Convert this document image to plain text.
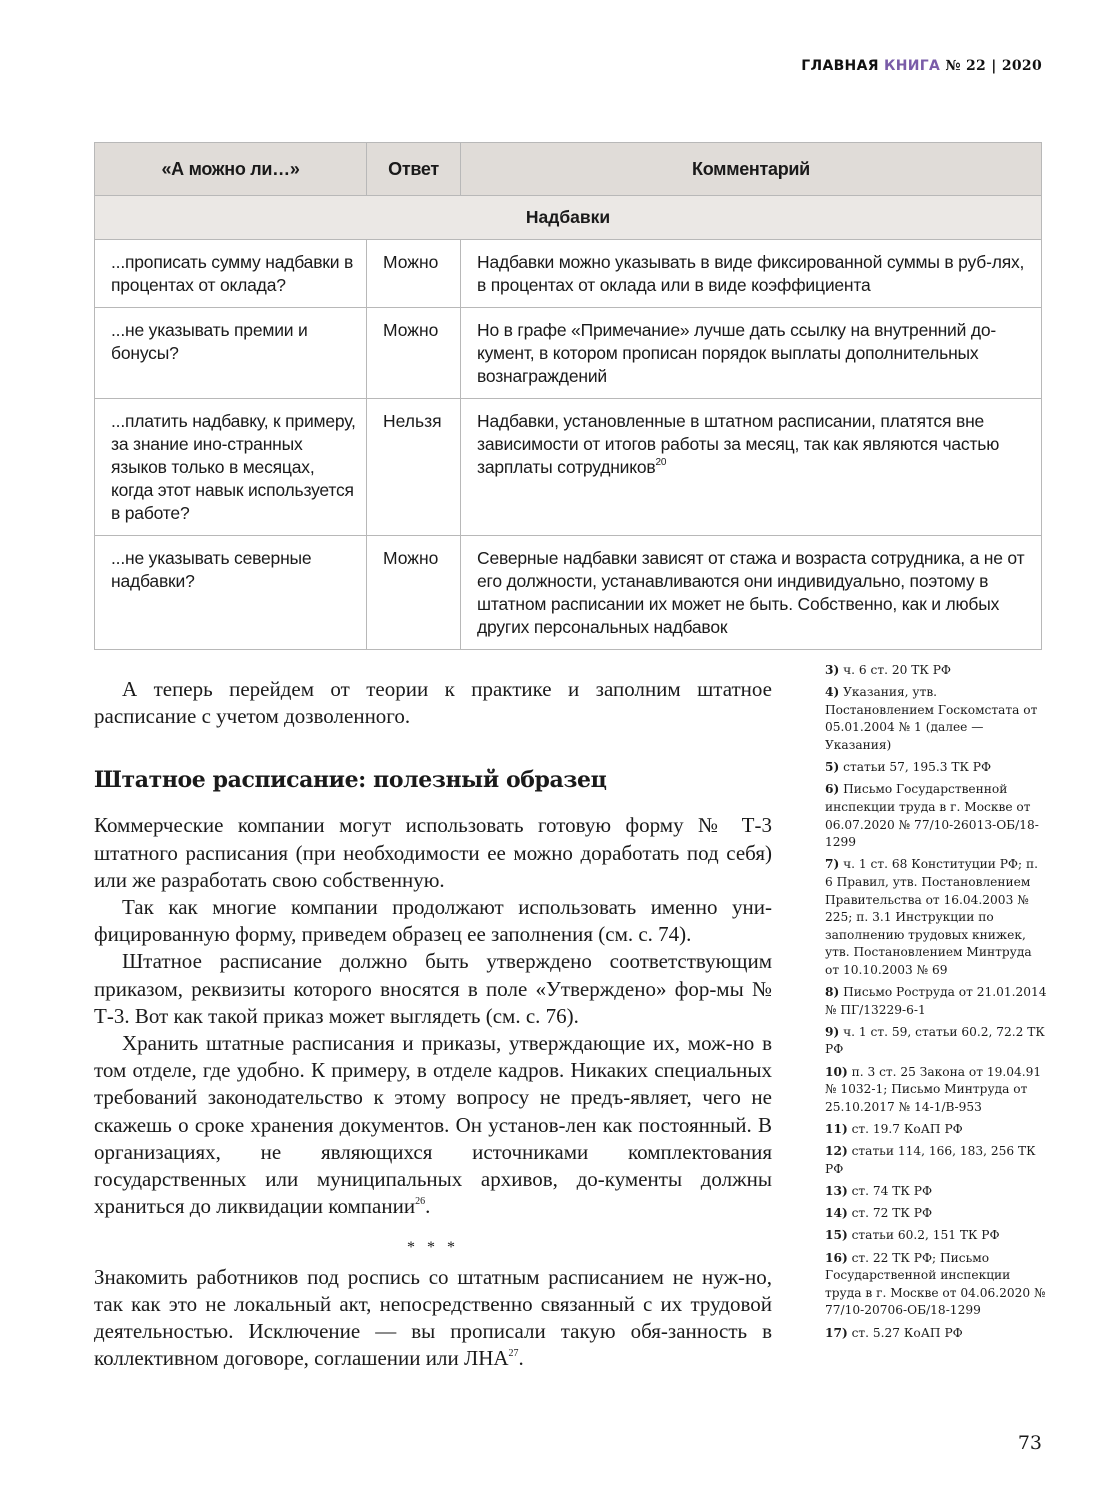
ГЛАВНАЯ КНИГА № 22 | 2020
«А можно ли…»	Ответ	Комментарий
Надбавки		
...прописать сумму надбавки в процентах от оклада?	Можно	Надбавки можно указывать в виде фиксированной суммы в руб-лях, в процентах от оклада или в виде коэффициента
...не указывать премии и бонусы?	Можно	Но в графе «Примечание» лучше дать ссылку на внутренний до-кумент, в котором прописан порядок выплаты дополнительных вознаграждений
...платить надбавку, к примеру, за знание ино-странных языков только в месяцах, когда этот навык используется в работе?	Нельзя	Надбавки, установленные в штатном расписании, платятся вне зависимости от итогов работы за месяц, так как являются частью зарплаты сотрудников$^{20}$
...не указывать северные надбавки?	Можно	Северные надбавки зависят от стажа и возраста сотрудника, а не от его должности, устанавливаются они индивидуально, поэтому в штатном расписании их может не быть. Собственно, как и любых других персональных надбавок

А теперь перейдем от теории к практике и заполним штатное расписание с учетом дозволенного.

Штатное расписание: полезный образец

Коммерческие компании могут использовать готовую форму № Т-3 штатного расписания (при необходимости ее можно доработать под себя) или же разработать свою собственную.

Так как многие компании продолжают использовать именно уни-фицированную форму, приведем образец ее заполнения (см. с. 74).

Штатное расписание должно быть утверждено соответствующим приказом, реквизиты которого вносятся в поле «Утверждено» фор-мы № Т-3. Вот как такой приказ может выглядеть (см. с. 76).

Хранить штатные расписания и приказы, утверждающие их, мож-но в том отделе, где удобно. К примеру, в отделе кадров. Никаких специальных требований законодательство к этому вопросу не предъ-являет, чего не скажешь о сроке хранения документов. Он установ-лен как постоянный. В организациях, не являющихся источниками комплектования государственных или муниципальных архивов, до-кументы должны храниться до ликвидации компании$^{26}$.

* * *

Знакомить работников под роспись со штатным расписанием не нуж-но, так как это не локальный акт, непосредственно связанный с их трудовой деятельностью. Исключение — вы прописали такую обя-занность в коллективном договоре, соглашении или ЛНА$^{27}$.

3) ч. 6 ст. 20 ТК РФ
4) Указания, утв. Постановлением Госкомстата от 05.01.2004 № 1 (далее — Указания)
5) статьи 57, 195.3 ТК РФ
6) Письмо Государственной инспекции труда в г. Москве от 06.07.2020 № 77/10-26013-ОБ/18-1299
7) ч. 1 ст. 68 Конституции РФ; п. 6 Правил, утв. Постановлением Правительства от 16.04.2003 № 225; п. 3.1 Инструкции по заполнению трудовых книжек, утв. Постановлением Минтруда от 10.10.2003 № 69
8) Письмо Роструда от 21.01.2014 № ПГ/13229-6-1
9) ч. 1 ст. 59, статьи 60.2, 72.2 ТК РФ
10) п. 3 ст. 25 Закона от 19.04.91 № 1032-1; Письмо Минтруда от 25.10.2017 № 14-1/В-953
11) ст. 19.7 КоАП РФ
12) статьи 114, 166, 183, 256 ТК РФ
13) ст. 74 ТК РФ
14) ст. 72 ТК РФ
15) статьи 60.2, 151 ТК РФ
16) ст. 22 ТК РФ; Письмо Государственной инспекции труда в г. Москве от 04.06.2020 № 77/10-20706-ОБ/18-1299
17) ст. 5.27 КоАП РФ
73
